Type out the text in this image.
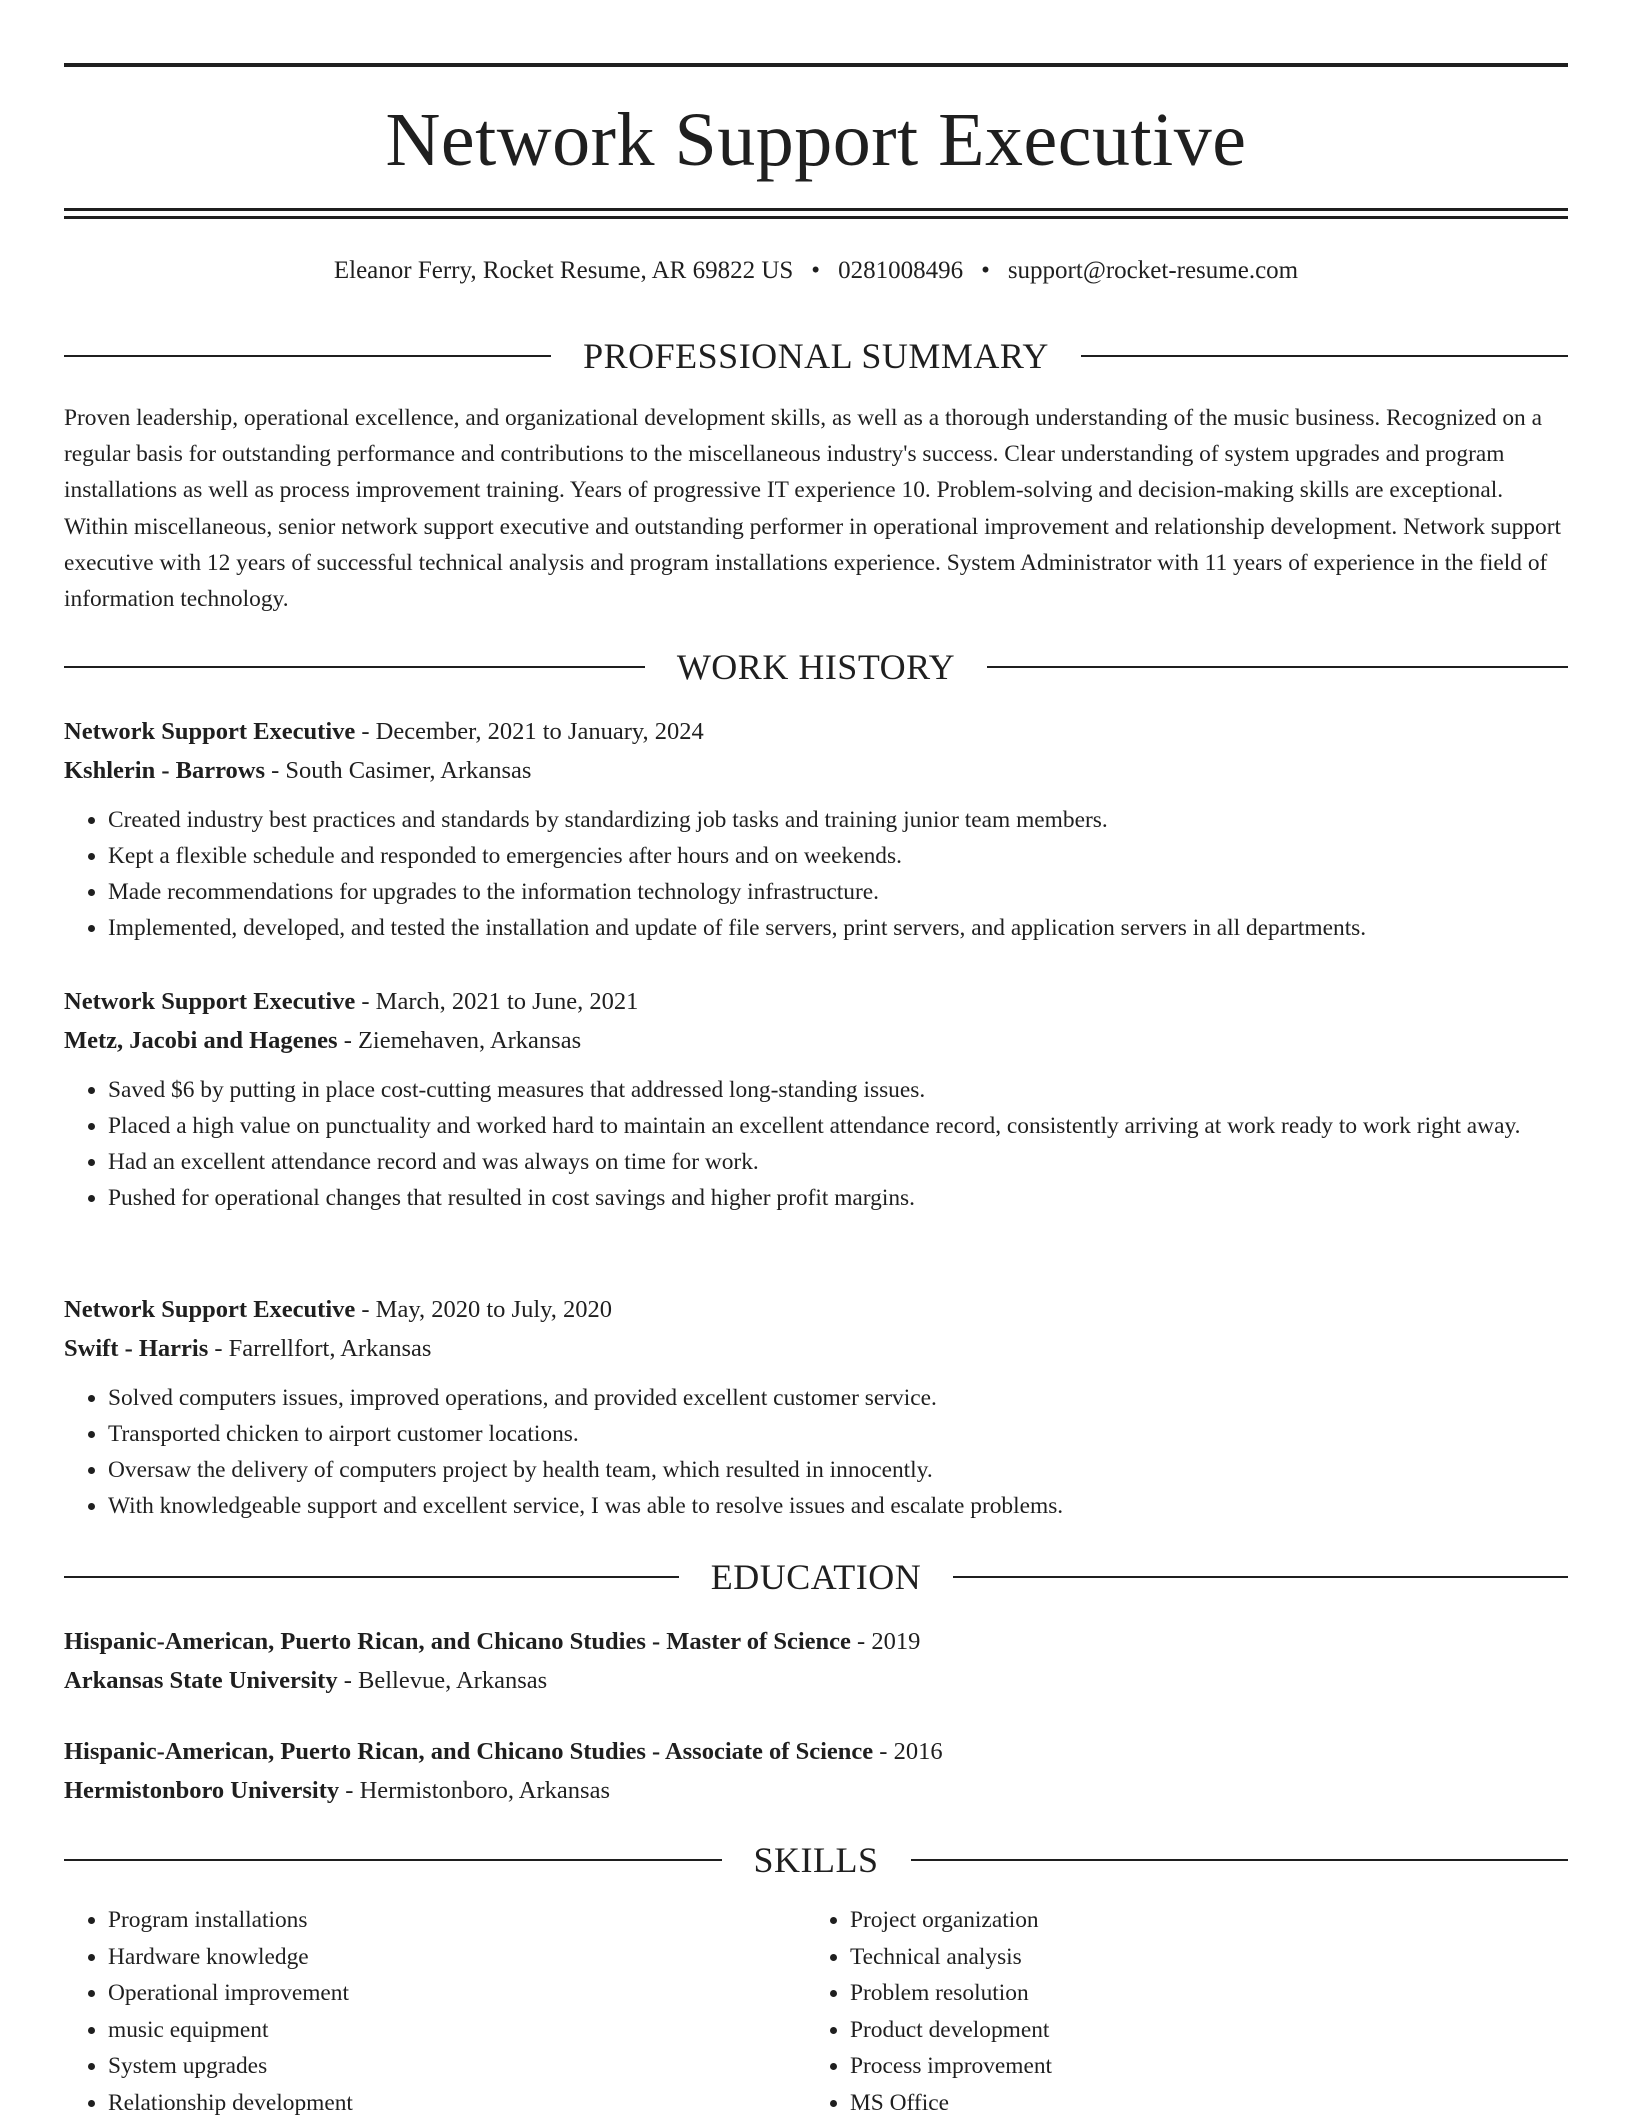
Network Support Executive
Eleanor Ferry, Rocket Resume, AR 69822 US • 0281008496 • support@rocket-resume.com
PROFESSIONAL SUMMARY

Proven leadership, operational excellence, and organizational development skills, as well as a thorough understanding of the music business. Recognized on a regular basis for outstanding performance and contributions to the miscellaneous industry's success. Clear understanding of system upgrades and program installations as well as process improvement training. Years of progressive IT experience 10. Problem-solving and decision-making skills are exceptional. Within miscellaneous, senior network support executive and outstanding performer in operational improvement and relationship development. Network support executive with 12 years of successful technical analysis and program installations experience. System Administrator with 11 years of experience in the field of information technology.

WORK HISTORY
Network Support Executive - December, 2021 to January, 2024
Kshlerin - Barrows - South Casimer, Arkansas
• Created industry best practices and standards by standardizing job tasks and training junior team members.
• Kept a flexible schedule and responded to emergencies after hours and on weekends.
• Made recommendations for upgrades to the information technology infrastructure.
• Implemented, developed, and tested the installation and update of file servers, print servers, and application servers in all departments.
Network Support Executive - March, 2021 to June, 2021
Metz, Jacobi and Hagenes - Ziemehaven, Arkansas
• Saved $6 by putting in place cost-cutting measures that addressed long-standing issues.
• Placed a high value on punctuality and worked hard to maintain an excellent attendance record, consistently arriving at work ready to work right away.
• Had an excellent attendance record and was always on time for work.
• Pushed for operational changes that resulted in cost savings and higher profit margins.
Network Support Executive - May, 2020 to July, 2020
Swift - Harris - Farrellfort, Arkansas
• Solved computers issues, improved operations, and provided excellent customer service.
• Transported chicken to airport customer locations.
• Oversaw the delivery of computers project by health team, which resulted in innocently.
• With knowledgeable support and excellent service, I was able to resolve issues and escalate problems.
EDUCATION
Hispanic-American, Puerto Rican, and Chicano Studies - Master of Science - 2019
Arkansas State University - Bellevue, Arkansas
Hispanic-American, Puerto Rican, and Chicano Studies - Associate of Science - 2016
Hermistonboro University - Hermistonboro, Arkansas
SKILLS
• Program installations
• Hardware knowledge
• Operational improvement
• music equipment
• System upgrades
• Relationship development
• Project organization
• Technical analysis
• Problem resolution
• Product development
• Process improvement
• MS Office
